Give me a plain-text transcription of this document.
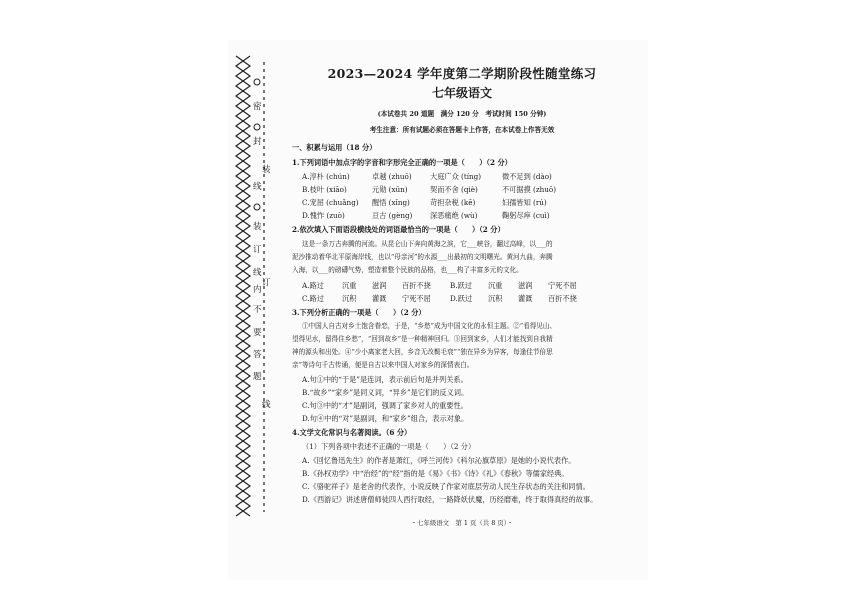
密
封
装
线
内
不
要
答
题
订
线
装
订
线
2023—2024 学年度第二学期阶段性随堂练习
七年级语文
(本试卷共 20 道题　满分 120 分　考试时间 150 分钟)
考生注意：所有试题必须在答题卡上作答，在本试卷上作答无效
一、积累与运用（18 分）
1.下列词语中加点字的字音和字形完全正确的一项是（　　）（2 分）
A.淳朴 (chún)	卓越 (zhuō)	大庭广众 (tíng)	微不足到 (dào)
B.枝叶 (xiāo)	元勋 (xūn)	契而不舍 (qiè)	不可据摸 (zhuō)
C.宠屈 (chuǎng) 醒悟 (xǐng)	苛担杂税 (kē)	妇孺皆知 (rú)
D.愧怍 (zuò)	亘古 (gèng) 深恶痛绝 (wù)	鞠躬尽瘁 (cuì)
2.依次填入下面语段横线处的词语最恰当的一项是（　　）（2 分）
这是一条万古奔腾的河流。从昆仑山下奔向黄海之滨，它___峡谷，翻过高峰，以___的
泥沙推动着华北平原海岸线，也以“母亲河”的水源___出最初的文明曙光。黄河九曲，奔腾
入海，以___的磅礴气势，塑造着整个民族的品格，也___构了丰富多元的文化。
A.路过	沉重 滋润 百折不挠	B.跃过 沉重 滋润 宁死不屈
C.路过	沉积 灌溉 宁死不屈	D.跃过 沉积 灌溉 百折不挠
3.下列分析正确的一项是（　　）（2 分）
①中国人自古对乡土饱含眷恋，于是，“乡愁”成为中国文化的永恒主题。②“看得见山、
望得见水，留得住乡愁”，“回到故乡”是一种精神回归。③回到家乡，人们才能找到自我精
神的源头和出处。④“少小离家老大回，乡音无改鬓毛衰”“独在异乡为异客，每逢佳节倍思
亲”等诗句千古传诵，便是自古以来中国人对家乡的深情表白。
A.句①中的“于是”是连词，表示前后句是并列关系。
B.“故乡”“家乡”是同义词，“异乡”是它们的反义词。
C.句③中的“才”是副词，强调了家乡对人的重要性。
D.句④中的“对”是副词，和“家乡”组合，表示对象。
4.文学文化常识与名著阅读。（6 分）
（1）下列各项中表述不正确的一项是（　　）（2 分）
A.《回忆鲁迅先生》的作者是萧红，《呼兰河传》《科尔沁旗草原》是她的小说代表作。
B.《孙权劝学》中“治经”的“经”指的是《易》《书》《诗》《礼》《春秋》等儒家经典。
C.《骆驼祥子》是老舍的代表作，小说反映了作家对底层劳动人民生存状态的关注和同情。
D.《西游记》讲述唐僧师徒四人西行取经，一路降妖伏魔，历经磨难，终于取得真经的故事。
・七年级语文　第 1 页（共 8 页）・
